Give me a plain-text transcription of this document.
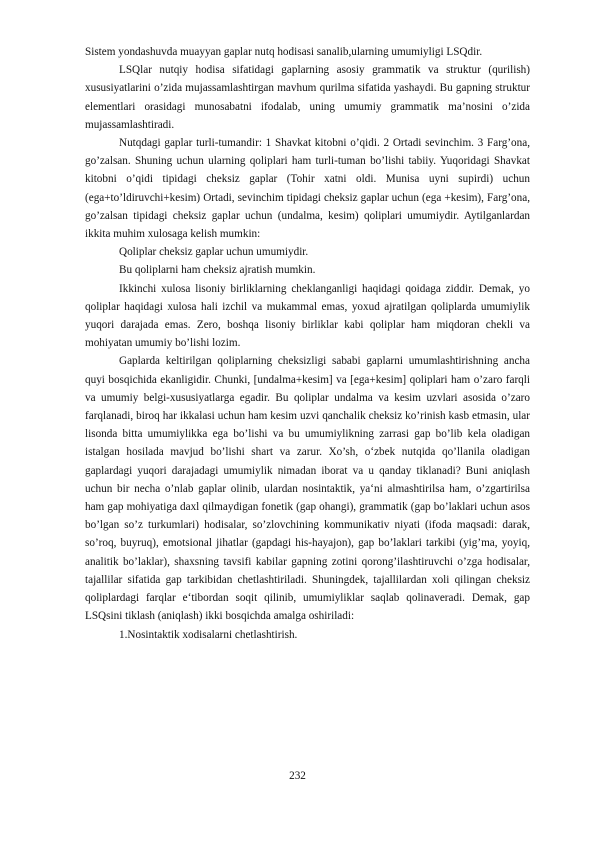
Sistem yondashuvda muayyan gaplar nutq hodisasi sanalib,ularning umumiyligi LSQdir.

LSQlar nutqiy hodisa sifatidagi gaplarning asosiy grammatik va struktur (qurilish) xususiyatlarini o’zida mujassamlashtirgan mavhum qurilma sifatida yashaydi. Bu gapning struktur elementlari orasidagi munosabatni ifodalab, uning umumiy grammatik ma’nosini o’zida mujassamlashtiradi.

Nutqdagi gaplar turli-tumandir: 1 Shavkat kitobni o’qidi. 2 Ortadi sevinchim. 3 Farg’ona, go’zalsan. Shuning uchun ularning qoliplari ham turli-tuman bo’lishi tabiiy. Yuqoridagi Shavkat kitobni o’qidi tipidagi cheksiz gaplar (Tohir xatni oldi. Munisa uyni supirdi) uchun (ega+to’ldiruvchi+kesim) Ortadi, sevinchim tipidagi cheksiz gaplar uchun (ega +kesim), Farg’ona, go’zalsan tipidagi cheksiz gaplar uchun (undalma, kesim) qoliplari umumiydir. Aytilganlardan ikkita muhim xulosaga kelish mumkin:

Qoliplar cheksiz gaplar uchun umumiydir.

Bu qoliplarni ham cheksiz ajratish mumkin.

Ikkinchi xulosa lisoniy birliklarning cheklanganligi haqidagi qoidaga ziddir. Demak, yo qoliplar haqidagi xulosa hali izchil va mukammal emas, yoxud ajratilgan qoliplarda umumiylik yuqori darajada emas. Zero, boshqa lisoniy birliklar kabi qoliplar ham miqdoran chekli va mohiyatan umumiy bo’lishi lozim.

Gaplarda keltirilgan qoliplarning cheksizligi sababi gaplarni umumlashtirishning ancha quyi bosqichida ekanligidir. Chunki, [undalma+kesim] va [ega+kesim] qoliplari ham o’zaro farqli va umumiy belgi-xususiyatlarga egadir. Bu qoliplar undalma va kesim uzvlari asosida o’zaro farqlanadi, biroq har ikkalasi uchun ham kesim uzvi qanchalik cheksiz ko’rinish kasb etmasin, ular lisonda bitta umumiylikka ega bo’lishi va bu umumiylikning zarrasi gap bo’lib kela oladigan istalgan hosilada mavjud bo’lishi shart va zarur. Xo’sh, o‘zbek nutqida qo’llanila oladigan gaplardagi yuqori darajadagi umumiylik nimadan iborat va u qanday tiklanadi? Buni aniqlash uchun bir necha o’nlab gaplar olinib, ulardan nosintaktik, ya‘ni almashtirilsa ham, o’zgartirilsa ham gap mohiyatiga daxl qilmaydigan fonetik (gap ohangi), grammatik (gap bo’laklari uchun asos bo’lgan so’z turkumlari) hodisalar, so’zlovchining kommunikativ niyati (ifoda maqsadi: darak, so’roq, buyruq), emotsional jihatlar (gapdagi his-hayajon), gap bo’laklari tarkibi (yig’ma, yoyiq, analitik bo’laklar), shaxsning tavsifi kabilar gapning zotini qorong’ilashtiruvchi o’zga hodisalar, tajallilar sifatida gap tarkibidan chetlashtiriladi. Shuningdek, tajallilardan xoli qilingan cheksiz qoliplardagi farqlar e‘tibordan soqit qilinib, umumiyliklar saqlab qolinaveradi. Demak, gap LSQsini tiklash (aniqlash) ikki bosqichda amalga oshiriladi:

1.Nosintaktik xodisalarni chetlashtirish.

232
